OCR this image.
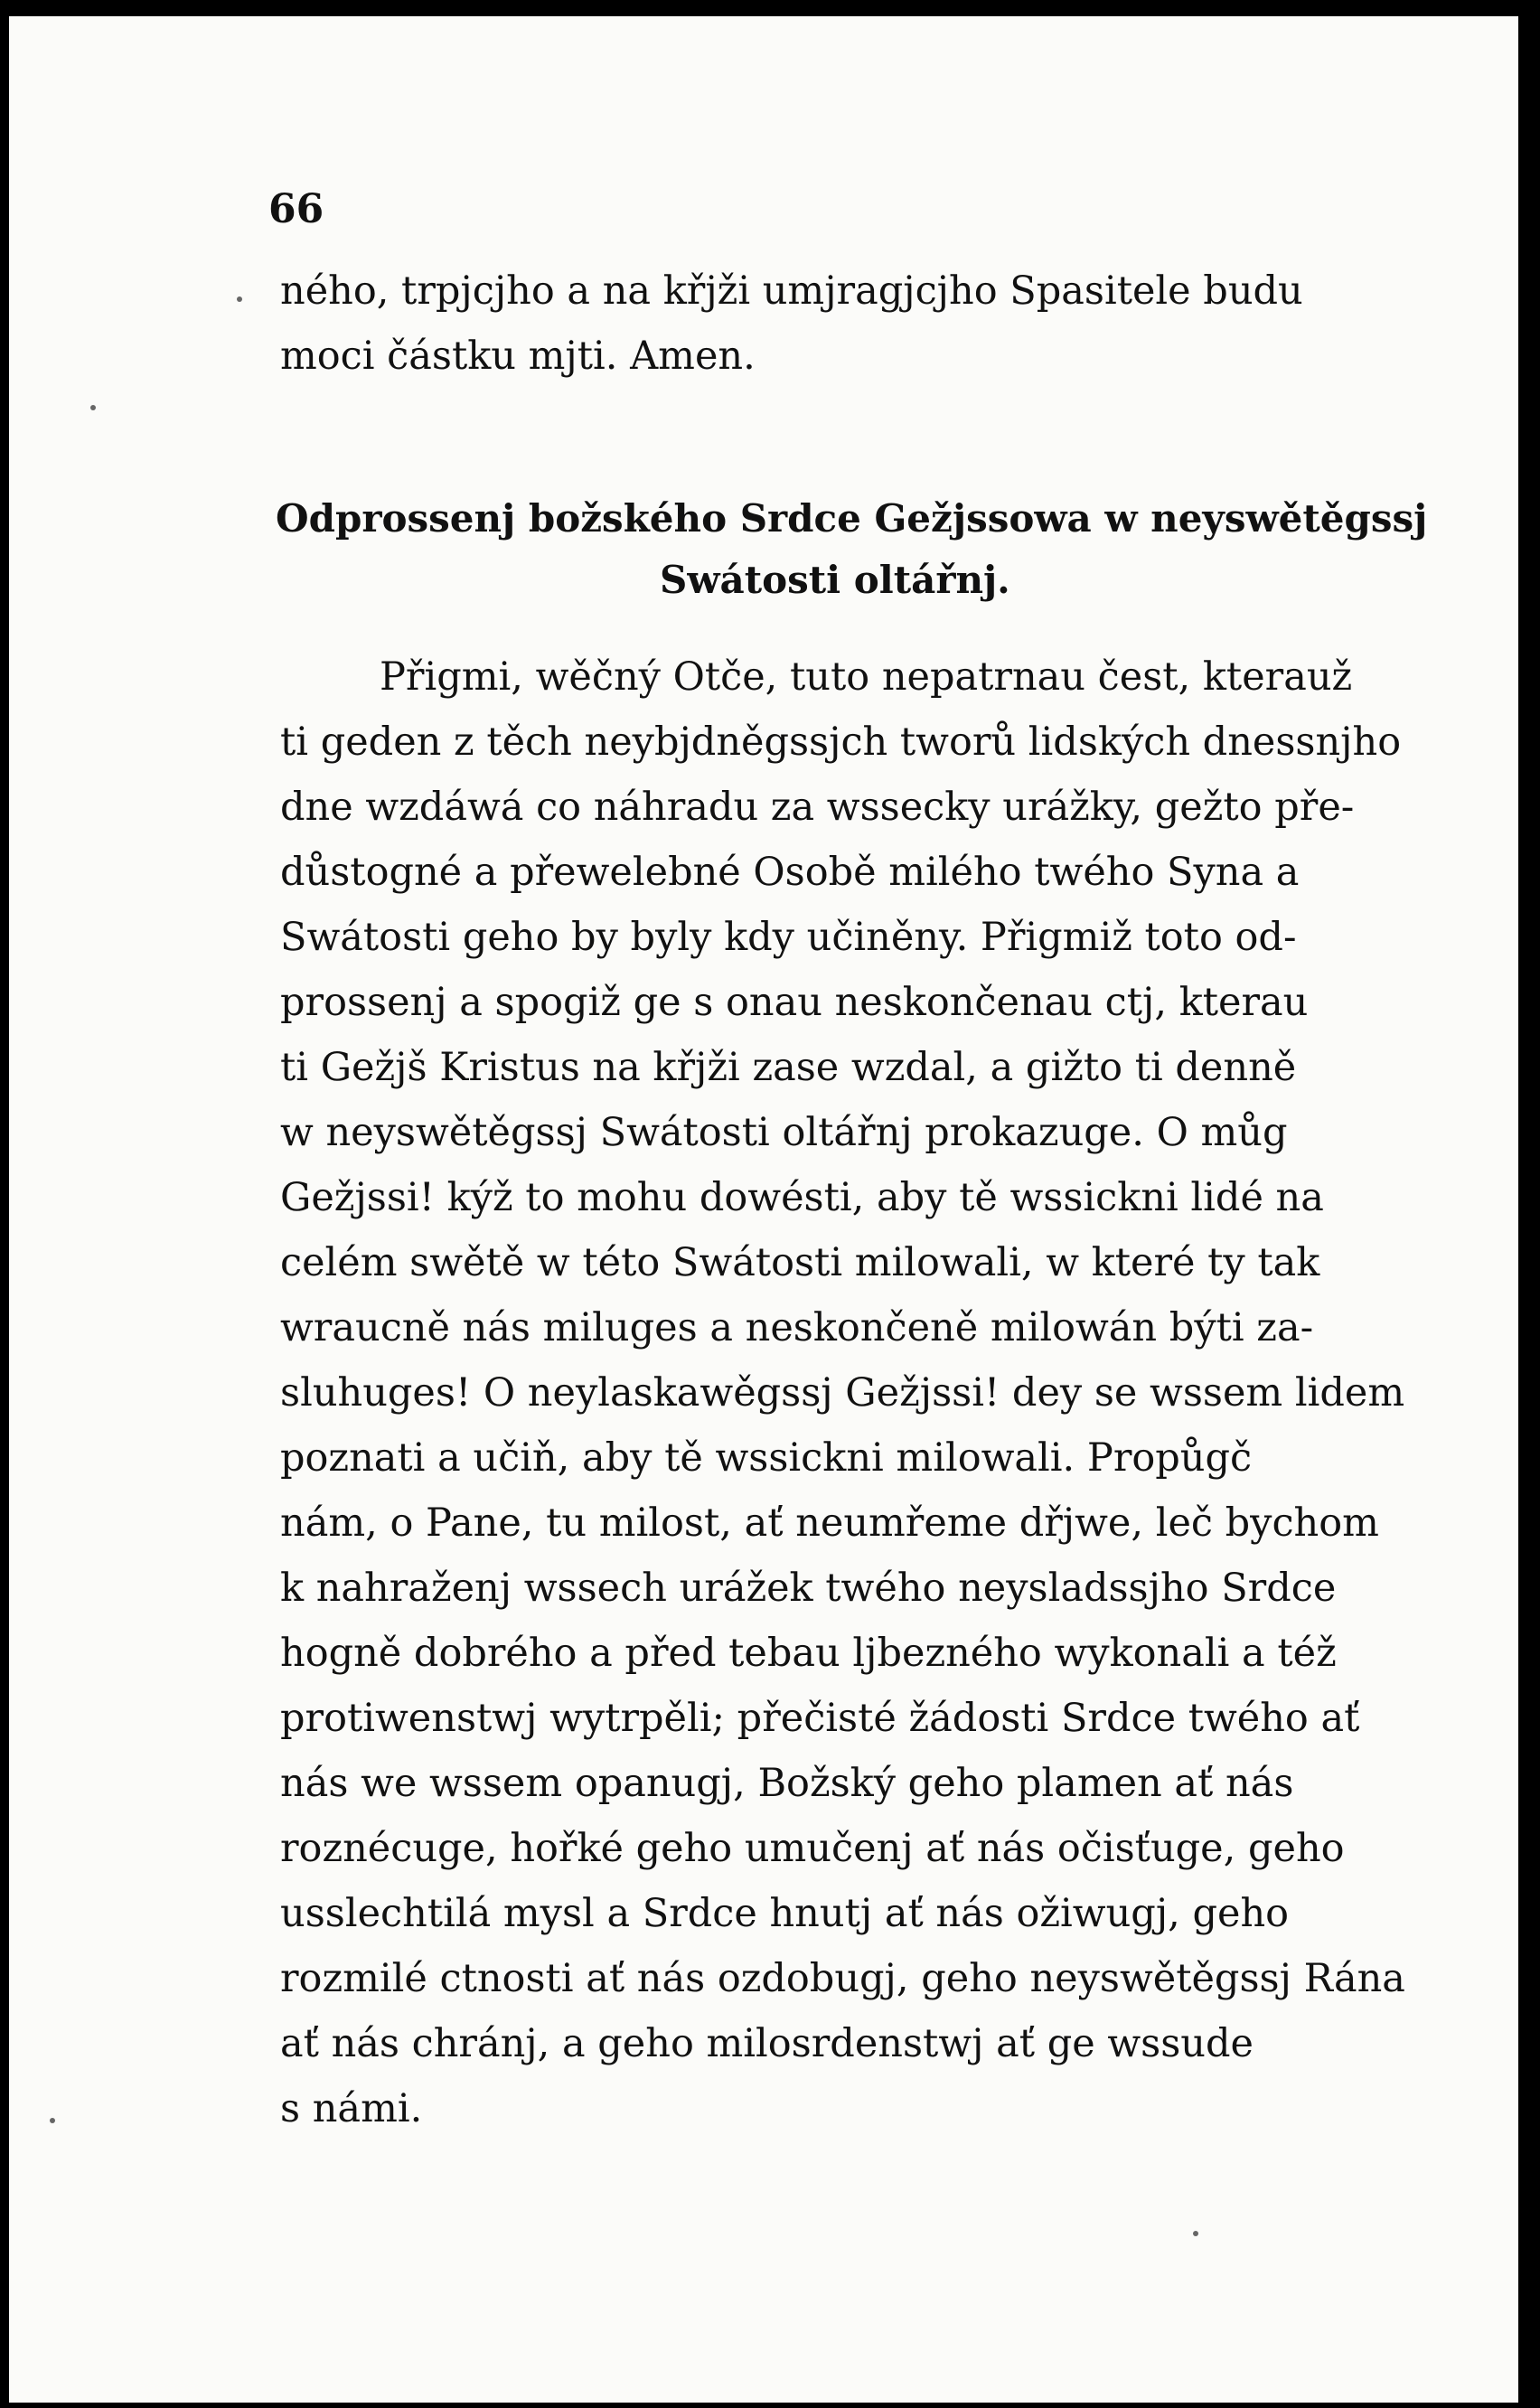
66
ného, trpjcjho a na křjži umjragjcjho Spasitele budu
moci částku mjti. Amen.
Odprossenj božského Srdce Gežjssowa w neyswětěgssj
Swátosti oltářnj.
Přigmi, wěčný Otče, tuto nepatrnau čest, kterauž
ti geden z těch neybjdněgssjch tworů lidských dnessnjho
dne wzdáwá co náhradu za wssecky urážky, gežto pře-
důstogné a přewelebné Osobě milého twého Syna a
Swátosti geho by byly kdy učiněny. Přigmiž toto od-
prossenj a spogiž ge s onau neskončenau ctj, kterau
ti Gežjš Kristus na křjži zase wzdal, a gižto ti denně
w neyswětěgssj Swátosti oltářnj prokazuge. O můg
Gežjssi! kýž to mohu dowésti, aby tě wssickni lidé na
celém swětě w této Swátosti milowali, w které ty tak
wraucně nás miluges a neskončeně milowán býti za-
sluhuges! O neylaskawěgssj Gežjssi! dey se wssem lidem
poznati a učiň, aby tě wssickni milowali. Propůgč
nám, o Pane, tu milost, ať neumřeme dřjwe, leč bychom
k nahraženj wssech urážek twého neysladssjho Srdce
hogně dobrého a před tebau ljbezného wykonali a též
protiwenstwj wytrpěli; přečisté žádosti Srdce twého ať
nás we wssem opanugj, Božský geho plamen ať nás
roznécuge, hořké geho umučenj ať nás očisťuge, geho
usslechtilá mysl a Srdce hnutj ať nás ožiwugj, geho
rozmilé ctnosti ať nás ozdobugj, geho neyswětěgssj Rána
ať nás chránj, a geho milosrdenstwj ať ge wssude
s námi.
